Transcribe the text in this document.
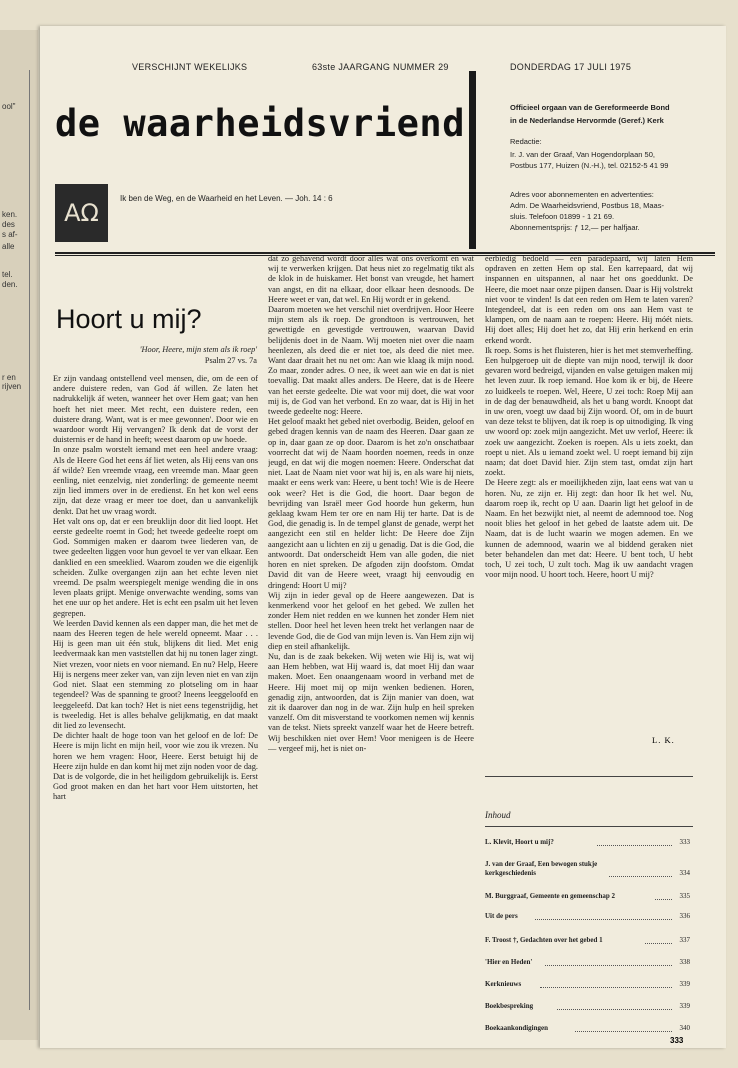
ool"
ken.
des
s af-
alle
tel.
den.
r en
rijven
VERSCHIJNT WEKELIJKS	63ste JAARGANG NUMMER 29	DONDERDAG 17 JULI 1975
de waarheidsvriend
AΩ
Ik ben de Weg, en de Waarheid en het Leven. — Joh. 14 : 6
Officieel orgaan van de Gereformeerde Bond
in de Nederlandse Hervormde (Geref.) Kerk
Redactie:
Ir. J. van der Graaf, Van Hogendorplaan 50,
Postbus 177, Huizen (N.-H.), tel. 02152-5 41 99
Adres voor abonnementen en advertenties:
Adm. De Waarheidsvriend, Postbus 18, Maas-
sluis. Telefoon 01899 - 1 21 69.
Abonnementsprijs: ƒ 12,— per halfjaar.
Hoort u mij?
'Hoor, Heere, mijn stem als ik roep'
Psalm 27 vs. 7a

Er zijn vandaag ontstellend veel mensen, die, om de een of andere duistere reden, van God áf willen. Ze laten het nadrukkelijk áf weten, wanneer het over Hem gaat; van hen hoeft het niet meer. Met recht, een duistere reden, een duistere drang. Want, wat is er mee gewonnen'. Door wie en waardoor wordt Hij vervangen? Ik denk dat de vorst der duisternis er de hand in heeft; weest daarom op uw hoede.

In onze psalm worstelt iemand met een heel andere vraag: Als de Heere God het eens áf liet weten, als Hij eens van ons áf wilde? Een vreemde vraag, een vreemde man. Maar geen eenling, niet eenzelvig, niet zonderling: de gemeente neemt zijn lied immers over in de eredienst. En het kon wel eens zijn, dat deze vraag er meer toe doet, dan u aanvankelijk denkt. Dat het uw vraag wordt.

Het valt ons op, dat er een breuklijn door dit lied loopt. Het eerste gedeelte roemt in God; het tweede gedeelte roept om God. Sommigen maken er daarom twee liederen van, de twee gedeelten liggen voor hun gevoel te ver van elkaar. Een danklied en een smeeklied. Waarom zouden we die eigenlijk scheiden. Zulke overgangen zijn aan het echte leven niet vreemd. De psalm weerspiegelt menige wending die in ons leven plaats grijpt. Menige onverwachte wending, soms van het ene uur op het andere. Het is echt een psalm uit het leven gegrepen.

We leerden David kennen als een dapper man, die het met de naam des Heeren tegen de hele wereld opneemt. Maar . . . Hij is geen man uit één stuk, blijkens dit lied. Met enig leedvermaak kan men vaststellen dat hij nu tonen lager zingt. Niet vrezen, voor niets en voor niemand. En nu? Help, Heere Hij is nergens meer zeker van, van zijn leven niet en van zijn God niet. Slaat een stemming zo plotseling om in haar tegendeel? Was de spanning te groot? Ineens leeggeloofd en leeggeleefd. Dat kan toch? Het is niet eens tegenstrijdig, het is tweeledig. Het is alles behalve gelijkmatig, en dat maakt dit lied zo levensecht.

De dichter haalt de hoge toon van het geloof en de lof: De Heere is mijn licht en mijn heil, voor wie zou ik vrezen. Nu horen we hem vragen: Hoor, Heere. Eerst betuigt hij de Heere zijn hulde en dan komt hij met zijn noden voor de dag. Dat is de volgorde, die in het heiligdom gebruikelijk is. Eerst God groot maken en dan het hart voor Hem uitstorten, het hart

dat zo gehavend wordt door alles wat ons overkomt en wat wij te verwerken krijgen. Dat heus niet zo regelmatig tikt als de klok in de huiskamer. Het bonst van vreugde, het hamert van angst, en dit na elkaar, door elkaar heen desnoods. De Heere weet er van, dat wel. En Hij wordt er in gekend.

Daarom moeten we het verschil niet overdrijven. Hoor Heere mijn stem als ik roep. De grondtoon is vertrouwen, het gewettigde en gevestigde vertrouwen, waarvan David belijdenis doet in de Naam. Wij moeten niet over die naam heenlezen, als deed die er niet toe, als deed die niet mee. Want daar draait het nu net om: Aan wie klaag ik mijn nood. Zo maar, zonder adres. O nee, ik weet aan wie en dat is niet toevallig. Dat maakt alles anders. De Heere, dat is de Heere van het eerste gedeelte. Die wat voor mij doet, die wat voor mij is, de God van het verbond. En zo waar, dat is Hij in het tweede gedeelte nog: Heere.

Het geloof maakt het gebed niet overbodig. Beiden, geloof en gebed dragen kennis van de naam des Heeren. Daar gaan ze op in, daar gaan ze op door. Daarom is het zo'n onschatbaar voorrecht dat wij de Naam hoorden noemen, reeds in onze jeugd, en dat wij die mogen noemen: Heere. Onderschat dat niet. Laat de Naam niet voor wat hij is, en als ware hij niets, maakt er eens werk van: Heere, u bent toch! Wie is de Heere ook weer? Het is die God, die hoort. Daar begon de bevrijding van Israël meer God hoorde hun gekerm, hun geklaag kwam Hem ter ore en nam Hij ter harte. Dat is de God, die genadig is. In de tempel glanst de genade, werpt het aangezicht een stil en helder licht: De Heere doe Zijn aangezicht aan u lichten en zij u genadig. Dat is die God, die antwoordt. Dat onderscheidt Hem van alle goden, die niet horen en niet spreken. De afgoden zijn doofstom. Omdat David dit van de Heere weet, vraagt hij eenvoudig en dringend: Hoort U mij?

Wij zijn in ieder geval op de Heere aangewezen. Dat is kenmerkend voor het geloof en het gebed. We zullen het zonder Hem niet redden en we kunnen het zonder Hem niet stellen. Door heel het leven heen trekt het verlangen naar de levende God, die de God van mijn leven is. Van Hem zijn wij diep en steil afhankelijk.

Nu, dan is de zaak bekeken. Wij weten wie Hij is, wat wij aan Hem hebben, wat Hij waard is, dat moet Hij dan waar maken. Moet. Een onaangenaam woord in verband met de Heere. Hij moet mij op mijn wenken bedienen. Horen, genadig zijn, antwoorden, dat is Zijn manier van doen, wat zit ik daarover dan nog in de war. Zijn hulp en heil spreken vanzelf. Om dit misverstand te voorkomen nemen wij kennis van de tekst. Niets spreekt vanzelf waar het de Heere betreft. Wij beschikken niet over Hem! Voor menigeen is de Heere — vergeef mij, het is niet on-

eerbiedig bedoeld — een paradepaard, wij laten Hem opdraven en zetten Hem op stal. Een karrepaard, dat wij inspannen en uitspannen, al naar het ons goeddunkt. De Heere, die moet naar onze pijpen dansen. Daar is Hij volstrekt niet voor te vinden! Is dat een reden om Hem te laten varen? Integendeel, dat is een reden om ons aan Hem vast te klampen, om de naam aan te roepen: Heere. Hij móét niets. Hij doet alles; Hij doet het zo, dat Hij erin herkend en erin erkend wordt.

Ik roep. Soms is het fluisteren, hier is het met stemverheffing. Een hulpgeroep uit de diepte van mijn nood, terwijl ik door gevaren word bedreigd, vijanden en valse getuigen maken mij het leven zuur. Ik roep iemand. Hoe kom ik er bij, de Heere zo luidkeels te roepen. Wel, Heere, U zei toch: Roep Mij aan in de dag der benauwdheid, als het u bang wordt. Knoopt dat in uw oren, voegt uw daad bij Zijn woord. Of, om in de buurt van deze tekst te blijven, dat ik roep is op uitnodiging. Ik ving uw woord op: zoek mijn aangezicht. Met uw verlof, Heere: ik zoek uw aangezicht. Zoeken is roepen. Als u iets zoekt, dan roept u niet. Als u iemand zoekt wel. U roept iemand bij zijn naam; dat doet David hier. Zijn stem tast, omdat zijn hart zoekt.

De Heere zegt: als er moeilijkheden zijn, laat eens wat van u horen. Nu, ze zijn er. Hij zegt: dan hoor Ik het wel. Nu, daarom roep ik, recht op U aan. Daarin ligt het geloof in de Naam. En het bezwijkt niet, al neemt de ademnood toe. Nog nooit blies het geloof in het gebed de laatste adem uit. De Naam, dat is de lucht waarin we mogen ademen. En we kunnen de ademnood, waarin we al biddend geraken niet beter behandelen dan met dat: Heere. U bent toch, U hebt toch, U zei toch, U zult toch. Mag ik uw aandacht vragen voor mijn nood. U hoort toch. Heere, hoort U mij?

L. K.
Inhoud
L. Klevit, Hoort u mij?	333
J. van der Graaf, Een bewogen stukje kerkgeschiedenis	334
M. Burggraaf, Gemeente en gemeenschap 2	335
Uit de pers	336
F. Troost †, Gedachten over het gebed 1	337
'Hier en Heden'	338
Kerknieuws	339
Boekbespreking	339
Boekaankondigingen	340
333
